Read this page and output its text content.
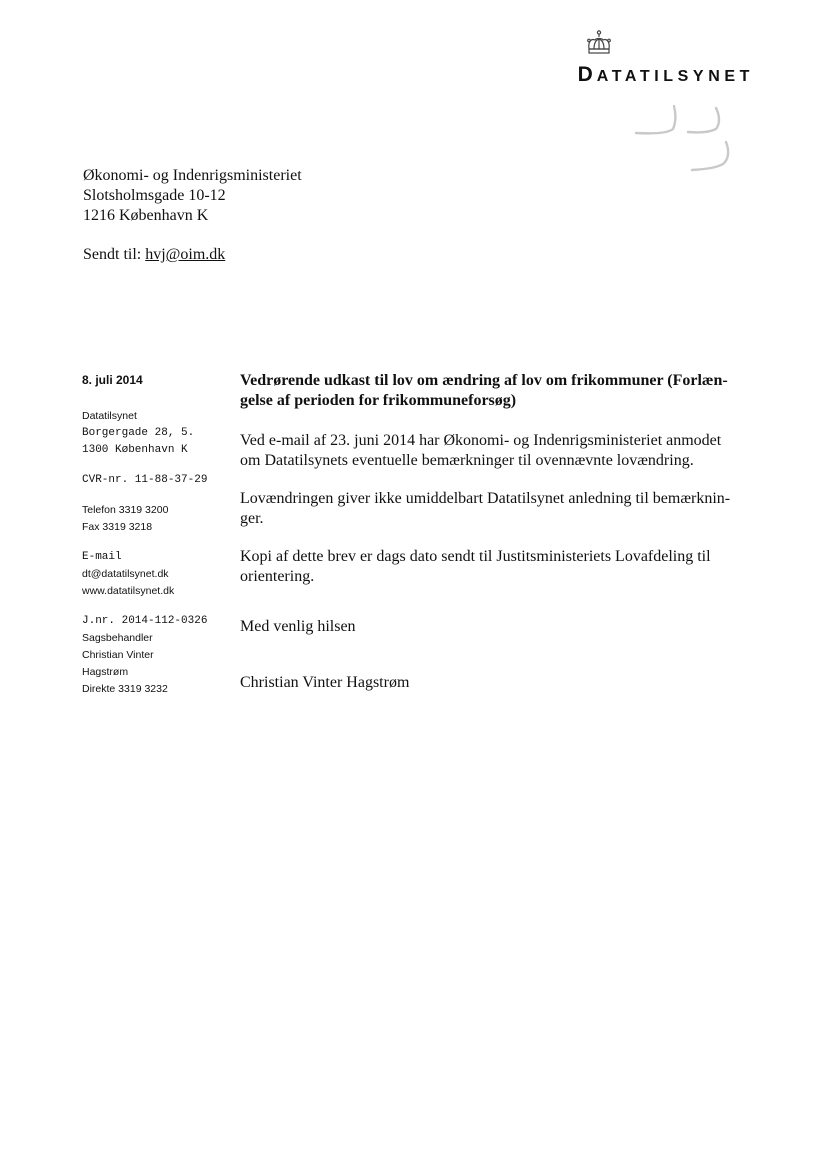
DATATILSYNET
Økonomi- og Indenrigsministeriet
Slotsholmsgade 10-12
1216 København K
Sendt til: hvj@oim.dk
8. juli 2014
Datatilsynet
Borgergade 28, 5.
1300 København K
CVR-nr. 11-88-37-29
Telefon 3319 3200
Fax 3319 3218
E-mail
dt@datatilsynet.dk
www.datatilsynet.dk
J.nr. 2014-112-0326
Sagsbehandler
Christian Vinter
Hagstrøm
Direkte 3319 3232
Vedrørende udkast til lov om ændring af lov om frikommuner (Forlæn-
gelse af perioden for frikommuneforsøg)

Ved e-mail af 23. juni 2014 har Økonomi- og Indenrigsministeriet anmodet
om Datatilsynets eventuelle bemærkninger til ovennævnte lovændring.

Lovændringen giver ikke umiddelbart Datatilsynet anledning til bemærknin-
ger.

Kopi af dette brev er dags dato sendt til Justitsministeriets Lovafdeling til
orientering.

Med venlig hilsen

Christian Vinter Hagstrøm
